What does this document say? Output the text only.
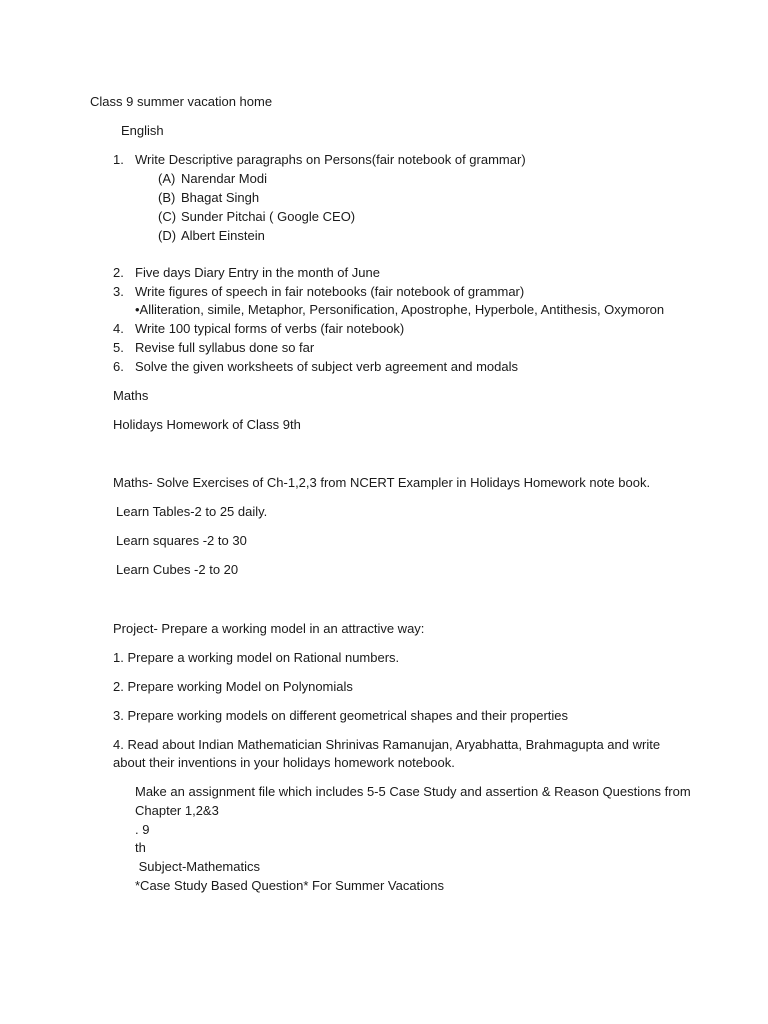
Class 9 summer vacation home
English
1. Write Descriptive paragraphs on Persons(fair notebook of grammar)
(A) Narendar Modi
(B) Bhagat Singh
(C) Sunder Pitchai ( Google CEO)
(D) Albert Einstein
2. Five days Diary Entry in the month of June
3. Write figures of speech in fair notebooks (fair notebook of grammar)
•Alliteration, simile, Metaphor, Personification, Apostrophe, Hyperbole, Antithesis, Oxymoron
4. Write 100 typical forms of verbs (fair notebook)
5. Revise full syllabus done so far
6. Solve the given worksheets of subject verb agreement and modals
Maths
Holidays Homework of Class 9th
Maths- Solve Exercises of Ch-1,2,3 from NCERT Exampler in Holidays Homework note book.
Learn Tables-2 to 25 daily.
Learn squares -2 to 30
Learn Cubes -2 to 20
Project- Prepare a working model in an attractive way:
1. Prepare a working model on Rational numbers.
2. Prepare working Model on Polynomials
3. Prepare working models on different geometrical shapes and their properties
4. Read about Indian Mathematician Shrinivas Ramanujan, Aryabhatta, Brahmagupta and write
about their inventions in your holidays homework notebook.
Make an assignment file which includes 5-5 Case Study and assertion & Reason Questions from
Chapter 1,2&3
. 9
th
Subject-Mathematics
*Case Study Based Question* For Summer Vacations
